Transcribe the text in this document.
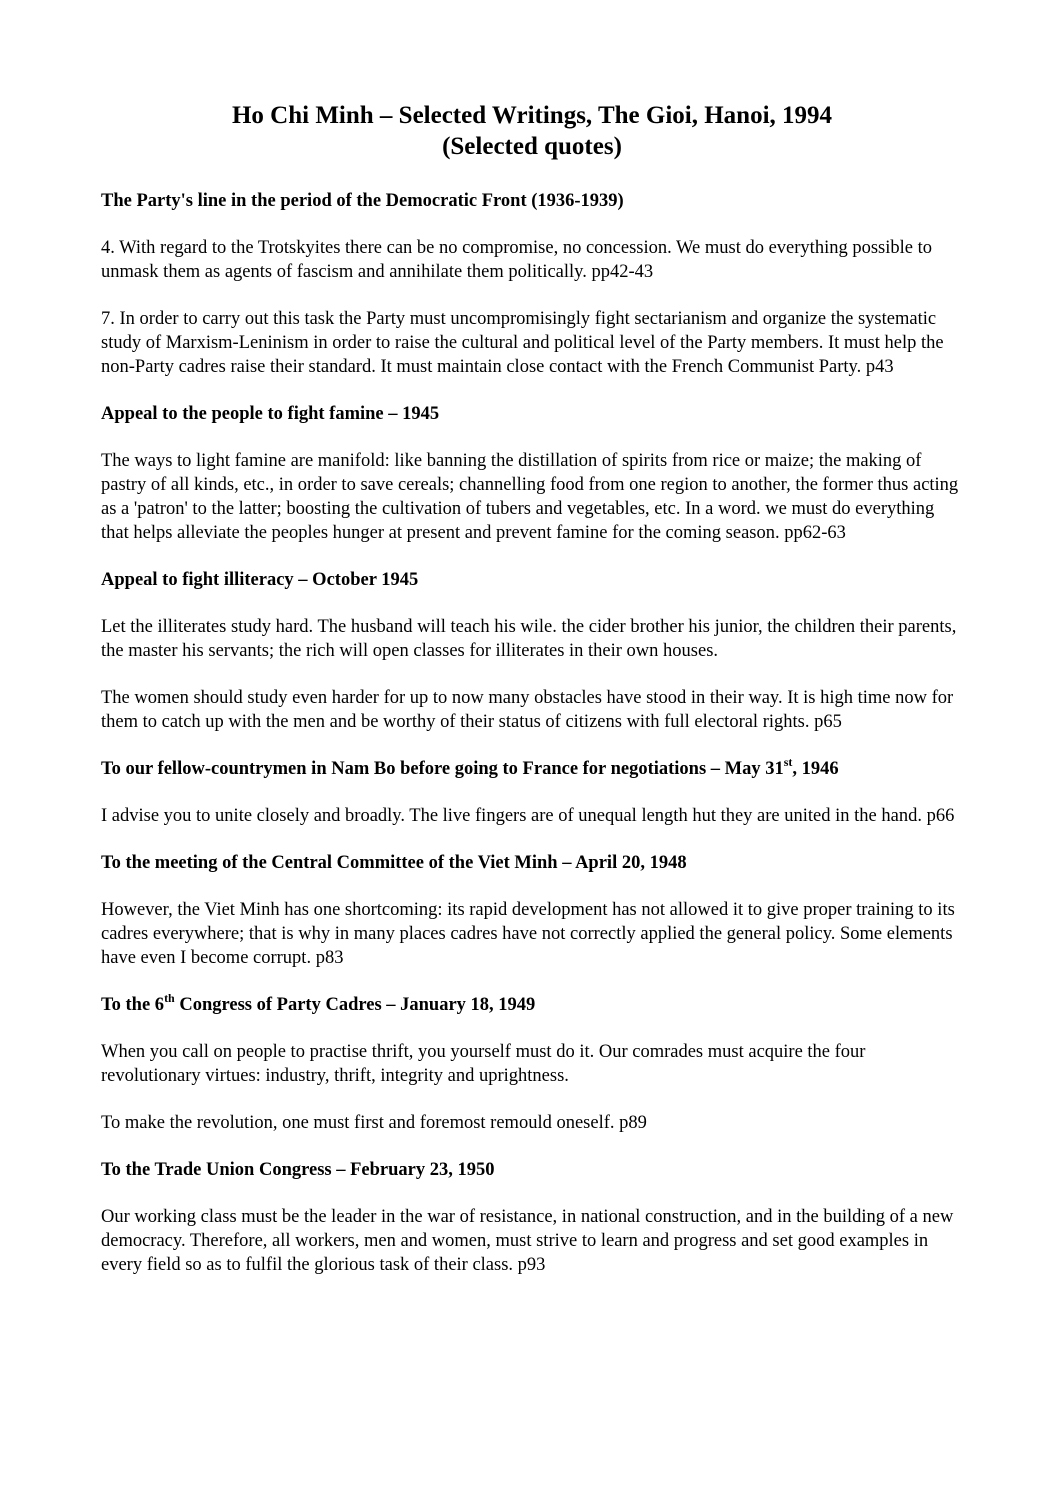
Ho Chi Minh – Selected Writings, The Gioi, Hanoi, 1994
(Selected quotes)
The Party's line in the period of the Democratic Front (1936-1939)
4. With regard to the Trotskyites there can be no compromise, no concession. We must do everything possible to unmask them as agents of fascism and annihilate them politically. pp42-43
7. In order to carry out this task the Party must uncompromisingly fight sectarianism and organize the systematic study of Marxism-Leninism in order to raise the cultural and political level of the Party members. It must help the non-Party cadres raise their standard. It must maintain close contact with the French Communist Party. p43
Appeal to the people to fight famine – 1945
The ways to light famine are manifold: like banning the distillation of spirits from rice or maize; the making of pastry of all kinds, etc., in order to save cereals; channelling food from one region to another, the former thus acting as a 'patron' to the latter; boosting the cultivation of tubers and vegetables, etc. In a word. we must do everything that helps alleviate the peoples hunger at present and prevent famine for the coming season. pp62-63
Appeal to fight illiteracy – October 1945
Let the illiterates study hard. The husband will teach his wile. the cider brother his junior, the children their parents, the master his servants; the rich will open classes for illiterates in their own houses.
The women should study even harder for up to now many obstacles have stood in their way. It is high time now for them to catch up with the men and be worthy of their status of citizens with full electoral rights. p65
To our fellow-countrymen in Nam Bo before going to France for negotiations – May 31st, 1946
I advise you to unite closely and broadly. The live fingers are of unequal length hut they are united in the hand. p66
To the meeting of the Central Committee of the Viet Minh – April 20, 1948
However, the Viet Minh has one shortcoming: its rapid development has not allowed it to give proper training to its cadres everywhere; that is why in many places cadres have not correctly applied the general policy. Some elements have even I become corrupt. p83
To the 6th Congress of Party Cadres – January 18, 1949
When you call on people to practise thrift, you yourself must do it. Our comrades must acquire the four revolutionary virtues: industry, thrift, integrity and uprightness.
To make the revolution, one must first and foremost remould oneself. p89
To the Trade Union Congress – February 23, 1950
Our working class must be the leader in the war of resistance, in national construction, and in the building of a new democracy. Therefore, all workers, men and women, must strive to learn and progress and set good examples in every field so as to fulfil the glorious task of their class. p93
